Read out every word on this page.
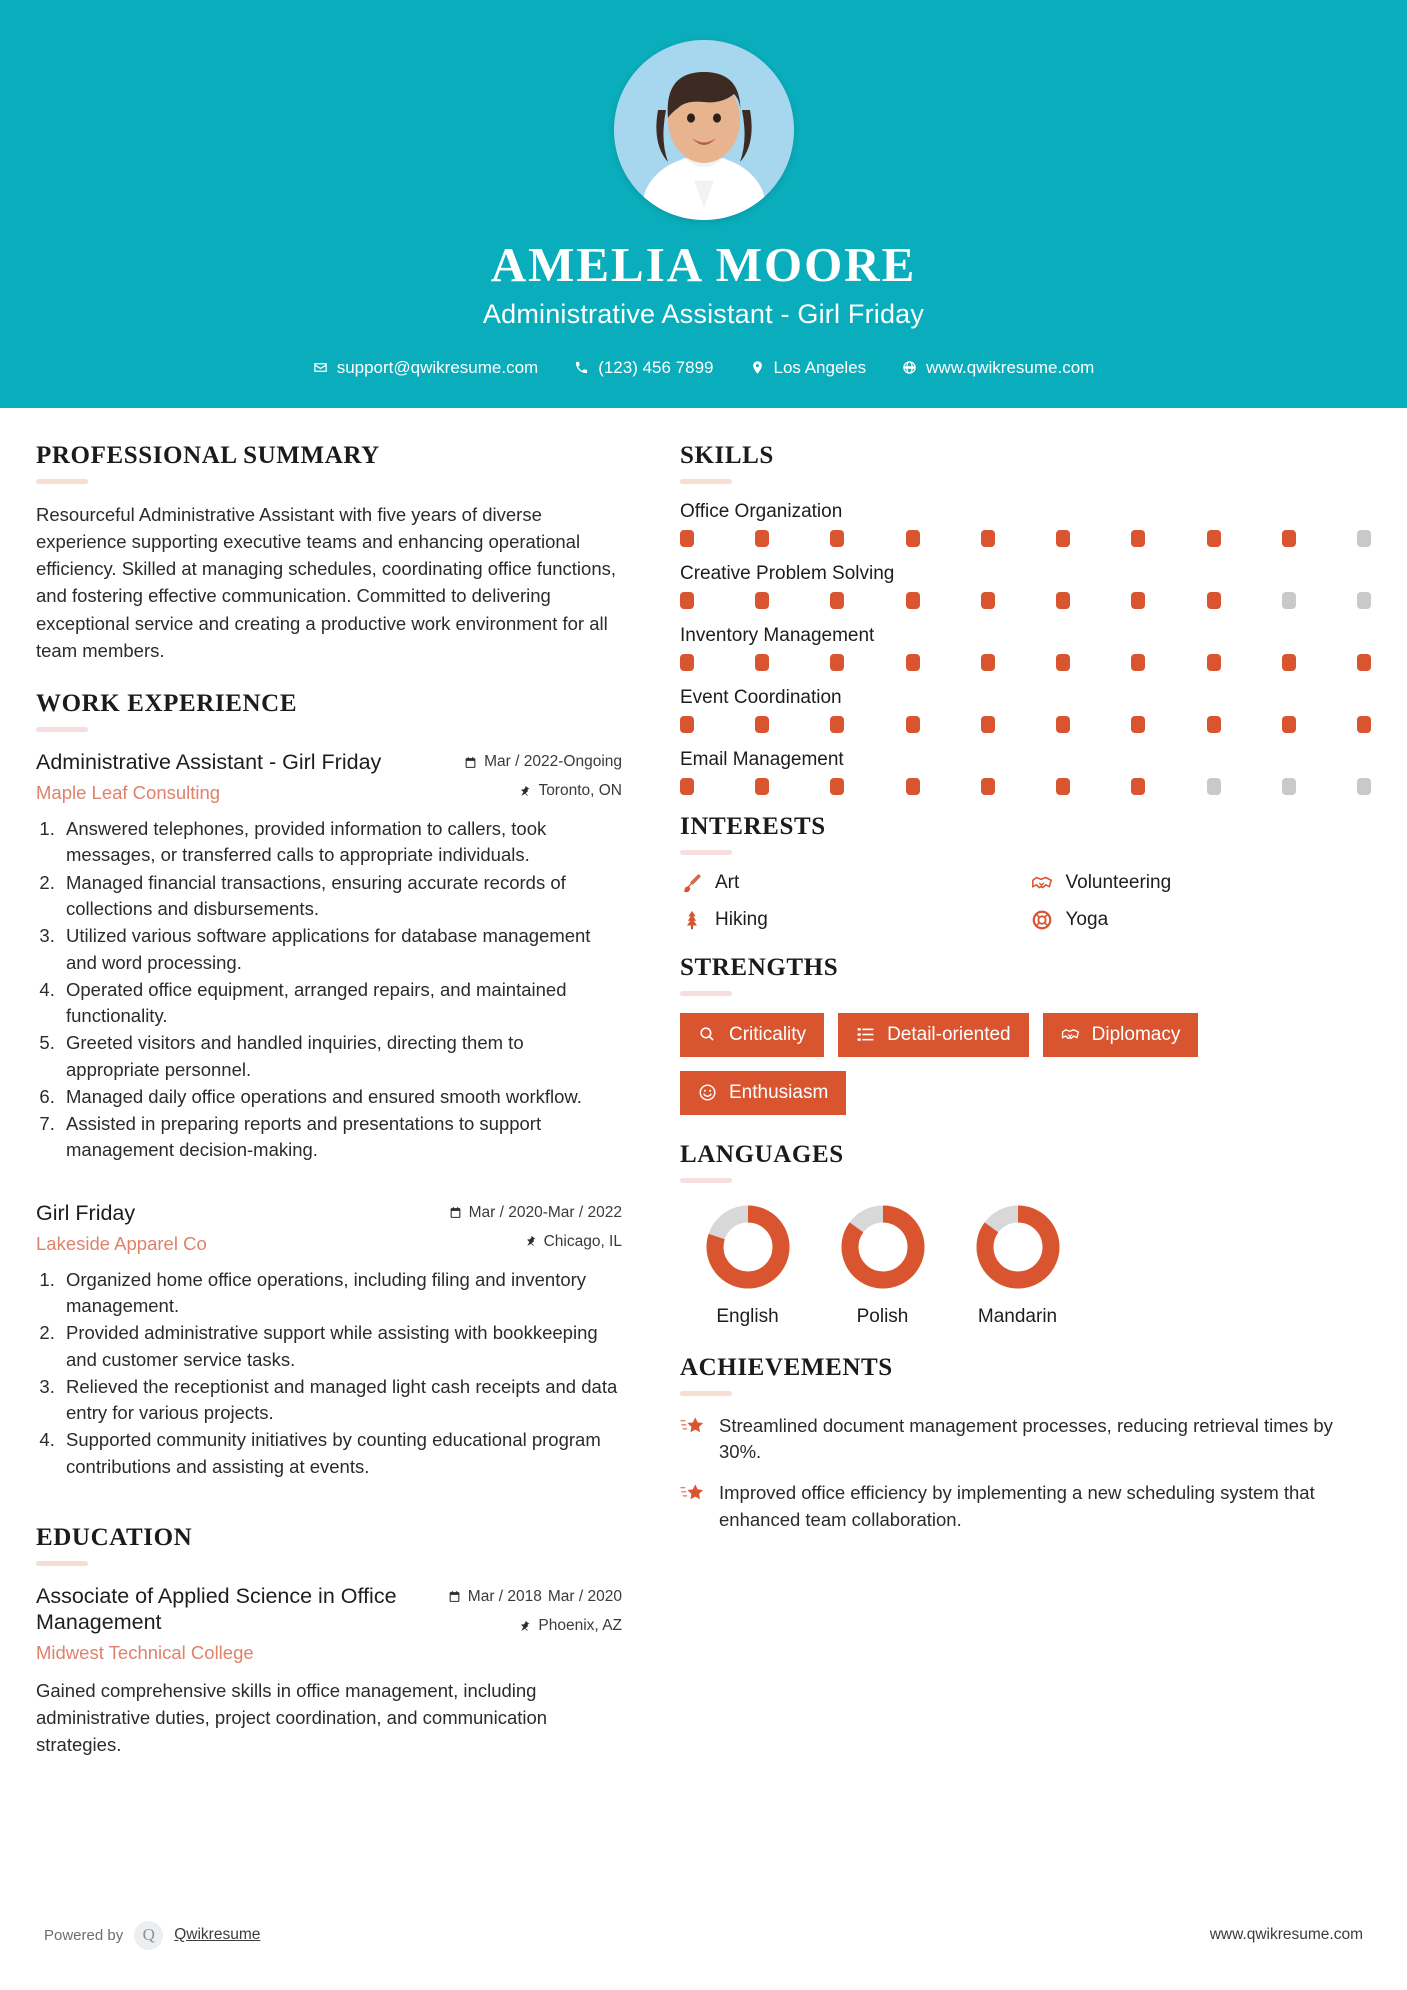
AMELIA MOORE
Administrative Assistant - Girl Friday
support@qwikresume.com	(123) 456 7899	Los Angeles	www.qwikresume.com
PROFESSIONAL SUMMARY
Resourceful Administrative Assistant with five years of diverse experience supporting executive teams and enhancing operational efficiency. Skilled at managing schedules, coordinating office functions, and fostering effective communication. Committed to delivering exceptional service and creating a productive work environment for all team members.
WORK EXPERIENCE
Administrative Assistant - Girl Friday
Maple Leaf Consulting
Mar / 2022-Ongoing
Toronto, ON
1. Answered telephones, provided information to callers, took messages, or transferred calls to appropriate individuals.
2. Managed financial transactions, ensuring accurate records of collections and disbursements.
3. Utilized various software applications for database management and word processing.
4. Operated office equipment, arranged repairs, and maintained functionality.
5. Greeted visitors and handled inquiries, directing them to appropriate personnel.
6. Managed daily office operations and ensured smooth workflow.
7. Assisted in preparing reports and presentations to support management decision-making.
Girl Friday
Lakeside Apparel Co
Mar / 2020-Mar / 2022
Chicago, IL
1. Organized home office operations, including filing and inventory management.
2. Provided administrative support while assisting with bookkeeping and customer service tasks.
3. Relieved the receptionist and managed light cash receipts and data entry for various projects.
4. Supported community initiatives by counting educational program contributions and assisting at events.
EDUCATION
Associate of Applied Science in Office Management
Midwest Technical College
Mar / 2018 Mar / 2020
Phoenix, AZ
Gained comprehensive skills in office management, including administrative duties, project coordination, and communication strategies.
SKILLS
Office Organization
Creative Problem Solving
Inventory Management
Event Coordination
Email Management
INTERESTS
Art	Volunteering
Hiking	Yoga
STRENGTHS
Criticality	Detail-oriented	Diplomacy
Enthusiasm
LANGUAGES
English	Polish	Mandarin
ACHIEVEMENTS
Streamlined document management processes, reducing retrieval times by 30%.
Improved office efficiency by implementing a new scheduling system that enhanced team collaboration.
Powered by	Q	Qwikresume	www.qwikresume.com
